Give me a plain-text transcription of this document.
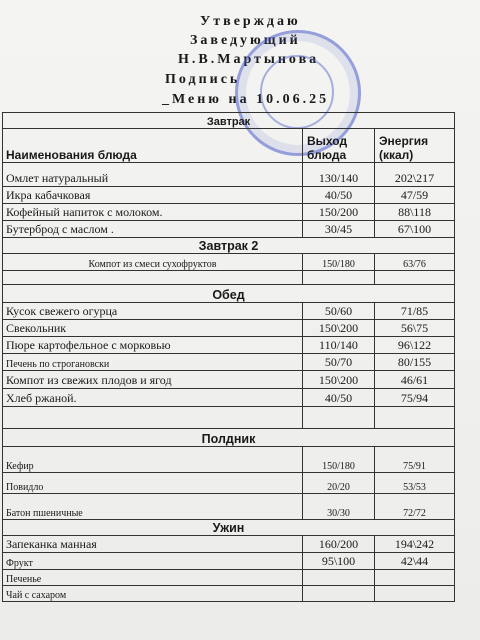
Утверждаю
Заведующий
Н.В.Мартынова
Подпись
_Меню на 10.06.25
Завтрак		
Наименования блюда	Выход блюда	Энергия (ккал)
Омлет натуральный	130/140	202\217
Икра кабачковая	40/50	47/59
Кофейный напиток с молоком.	150/200	88\118
Бутерброд с маслом .	30/45	67\100
Завтрак 2		
Компот из смеси сухофруктов	150/180	63/76

Обед		
Кусок свежего огурца	50/60	71/85
Свекольник	150\200	56\75
Пюре картофельное с морковью	110/140	96\122
Печень по строгановски	50/70	80/155
Компот из свежих плодов и ягод	150\200	46/61
Хлеб ржаной.	40/50	75/94

Полдник		
Кефир	150/180	75/91
Повидло	20/20	53/53
Батон пшеничные	30/30	72/72
Ужин		
Запеканка манная	160/200	194\242
Фрукт	95\100	42\44
Печенье		
Чай с сахаром		
